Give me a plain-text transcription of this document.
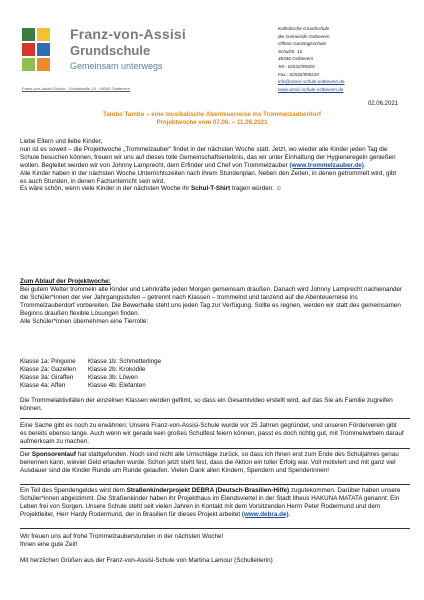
Franz-von-Assisi
Grundschule
Gemeinsam unterwegs
Franz-von-Assisi-Schule · Schulstraße 15 · 48346 Ostbevern
Katholische Grundschule
der Gemeinde Ostbevern
Offene Ganztagsschule
Schulstr. 15
48346 Ostbevern
Tel.: 02532/95920
Fax.: 02532/959210
info@assisi-schule-ostbevern.de
www.assisi-schule-ostbevern.de
02.06.2021
Tambo Tambo – eine musikalische Abenteuerreise ins Trommelzauberdorf
Projektwoche vom 07.06. – 11.06.2021

Liebe Eltern und liebe Kinder,

nun ist es soweit – die Projektwoche „Trommelzauber" findet in der nächsten Woche statt. Jetzt, wo wieder alle Kinder jeden Tag die Schule besuchen können, freuen wir uns auf dieses tolle Gemeinschaftserlebnis, das wir unter Einhaltung der Hygieneregeln genießen wollen. Begleitet werden wir von Johnny Lamprecht, dem Erfinder und Chef von Trommelzauber (www.trommelzauber.de).

Alle Kinder haben in der nächsten Woche Unterrichtszeiten nach ihrem Stundenplan. Neben den Zeiten, in denen getrommelt wird, gibt es auch Stunden, in denen Fachunterricht sein wird.

Es wäre schön, wenn viele Kinder in der nächsten Woche ihr Schul-T-Shirt tragen würden. ☺

Zum Ablauf der Projektwoche:

Bei gutem Wetter trommeln alle Kinder und Lehrkräfte jeden Morgen gemeinsam draußen. Danach wird Johnny Lamprecht nacheinander die Schüler*innen der vier Jahrgangsstufen – getrennt nach Klassen – trommelnd und tanzend auf die Abenteuerreise ins Trommelzauberdorf vorbereiten. Die Bewerhalle steht uns jeden Tag zur Verfügung. Sollte es regnen, werden wir statt des gemeinsamen Beginns draußen flexible Lösungen finden.

Alle Schüler*innen übernehmen eine Tierrolle:

Klasse 1a: Pinguine	Klasse 1b: Schmetterlinge
Klasse 2a: Gazellen	Klasse 2b: Krokodile
Klasse 3a: Giraffen	Klasse 3b: Löwen
Klasse 4a: Affen	Klasse 4b: Elefanten
Die Trommelaktivitäten der einzelnen Klassen werden gefilmt, so dass ein Gesamtvideo erstellt wird, auf das Sie als Familie zugreifen können.
Eine Sache gibt es noch zu erwähnen: Unsere Franz-von-Assisi-Schule wurde vor 25 Jahren gegründet, und unseren Förderverein gibt es bereits ebenso lange. Auch wenn wir gerade kein großes Schulfest feiern können, passt es doch richtig gut, mit Trommelwirbeln darauf aufmerksam zu machen.
Der Sponsorenlauf hat stattgefunden. Noch sind nicht alle Umschläge zurück, so dass ich Ihnen erst zum Ende des Schuljahres genau benennen kann, wieviel Geld erlaufen wurde. Schon jetzt steht fest, dass die Aktion ein toller Erfolg war. Voll motiviert und mit ganz viel Ausdauer sind die Kinder Runde um Runde gelaufen. Vielen Dank allen Kindern, Spendern und Spenderinnen!
Ein Teil des Spendengeldes wird dem Straßenkinderprojekt DEBRA (Deutsch-Brasilien-Hilfe) zugutekommen. Darüber haben unsere Schüler*innen abgestimmt. Die Straßenkinder haben ihr Projekthaus im Elendsviertel in der Stadt Ilheus HAKUNA MATATA genannt: Ein Leben frei von Sorgen. Unsere Schule steht seit vielen Jahren in Kontakt mit dem Vorsitzenden Herrn Peter Rodermund und dem Projektleiter, Herr Hardy Rodermund, der in Brasilien für dieses Projekt arbeitet (www.debra.de).

Wir freuen uns auf frohe Trommelzauberstunden in der nächsten Woche!

Ihnen eine gute Zeit!

Mit herzlichen Grüßen aus der Franz-von-Assisi-Schule von Martina Lamour (Schulleiterin)
